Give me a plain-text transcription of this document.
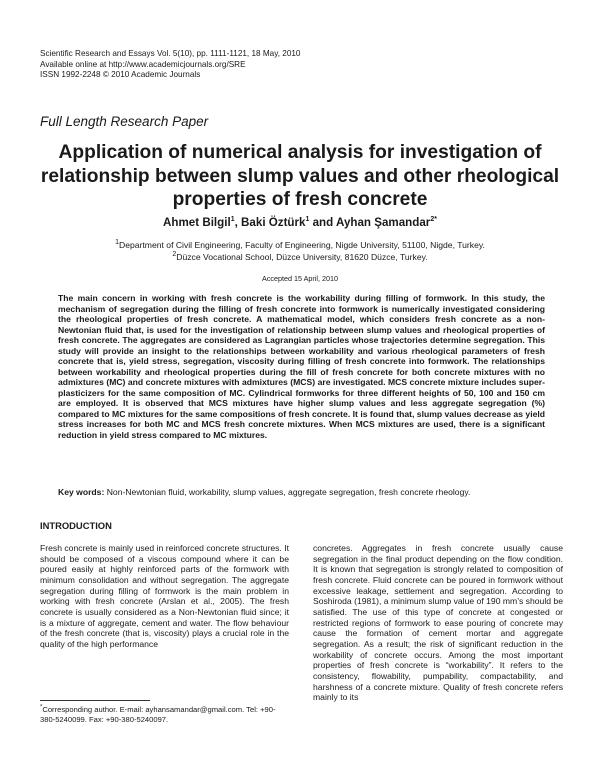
Scientific Research and Essays Vol. 5(10), pp. 1111-1121, 18 May, 2010
Available online at http://www.academicjournals.org/SRE
ISSN 1992-2248 © 2010 Academic Journals
Full Length Research Paper
Application of numerical analysis for investigation of relationship between slump values and other rheological properties of fresh concrete
Ahmet Bilgil$^1$, Baki Öztürk$^1$ and Ayhan Şamandar$^{2*}$
$^1$Department of Civil Engineering, Faculty of Engineering, Nigde University, 51100, Nigde, Turkey.
$^2$Düzce Vocational School, Düzce University, 81620 Düzce, Turkey.
Accepted 15 April, 2010

The main concern in working with fresh concrete is the workability during filling of formwork. In this study, the mechanism of segregation during the filling of fresh concrete into formwork is numerically investigated considering the rheological properties of fresh concrete. A mathematical model, which considers fresh concrete as a non-Newtonian fluid that, is used for the investigation of relationship between slump values and rheological properties of fresh concrete. The aggregates are considered as Lagrangian particles whose trajectories determine segregation. This study will provide an insight to the relationships between workability and various rheological parameters of fresh concrete that is, yield stress, segregation, viscosity during filling of fresh concrete into formwork. The relationships between workability and rheological properties during the fill of fresh concrete for both concrete mixtures with no admixtures (MC) and concrete mixtures with admixtures (MCS) are investigated. MCS concrete mixture includes super-plasticizers for the same composition of MC. Cylindrical formworks for three different heights of 50, 100 and 150 cm are employed. It is observed that MCS mixtures have higher slump values and less aggregate segregation (%) compared to MC mixtures for the same compositions of fresh concrete. It is found that, slump values decrease as yield stress increases for both MC and MCS fresh concrete mixtures. When MCS mixtures are used, there is a significant reduction in yield stress compared to MC mixtures.

Key words: Non-Newtonian fluid, workability, slump values, aggregate segregation, fresh concrete rheology.
INTRODUCTION

Fresh concrete is mainly used in reinforced concrete structures. It should be composed of a viscous compound where it can be poured easily at highly reinforced parts of the formwork with minimum consolidation and without segregation. The aggregate segregation during filling of formwork is the main problem in working with fresh concrete (Arslan et al., 2005). The fresh concrete is usually considered as a Non-Newtonian fluid since; it is a mixture of aggregate, cement and water. The flow behaviour of the fresh concrete (that is, viscosity) plays a crucial role in the quality of the high performance

concretes. Aggregates in fresh concrete usually cause segregation in the final product depending on the flow condition. It is known that segregation is strongly related to composition of fresh concrete. Fluid concrete can be poured in formwork without excessive leakage, settlement and segregation. According to Soshiroda (1981), a minimum slump value of 190 mm’s should be satisfied. The use of this type of concrete at congested or restricted regions of formwork to ease pouring of concrete may cause the formation of cement mortar and aggregate segregation. As a result; the risk of significant reduction in the workability of concrete occurs. Among the most important properties of fresh concrete is “workability”. It refers to the consistency, flowability, pumpability, compactability, and harshness of a concrete mixture. Quality of fresh concrete refers mainly to its

*Corresponding author. E-mail: ayhansamandar@gmail.com. Tel: +90-380-5240099. Fax: +90-380-5240097.
